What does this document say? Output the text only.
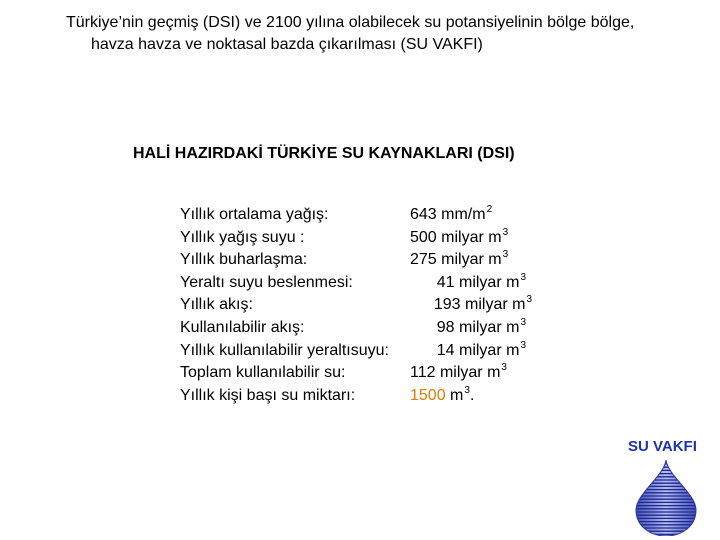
Türkiye’nin geçmiş (DSI) ve 2100 yılına olabilecek su potansiyelinin bölge bölge,
havza havza ve noktasal bazda çıkarılması (SU VAKFI)
HALİ HAZIRDAKİ TÜRKİYE SU KAYNAKLARI (DSI)
Yıllık ortalama yağış:	643 $mm/m^2$
Yıllık yağış suyu :	500 milyar $m^3$
Yıllık buharlaşma:	275 milyar $m^3$
Yeraltı suyu beslenmesi:	41 milyar $m^3$
Yıllık akış:	193 milyar $m^3$
Kullanılabilir akış:	98 milyar $m^3$
Yıllık kullanılabilir yeraltısuyu:	14 milyar $m^3$
Toplam kullanılabilir su:	112 milyar $m^3$
Yıllık kişi başı su miktarı:	1500 $m^3$.
SU VAKFI
